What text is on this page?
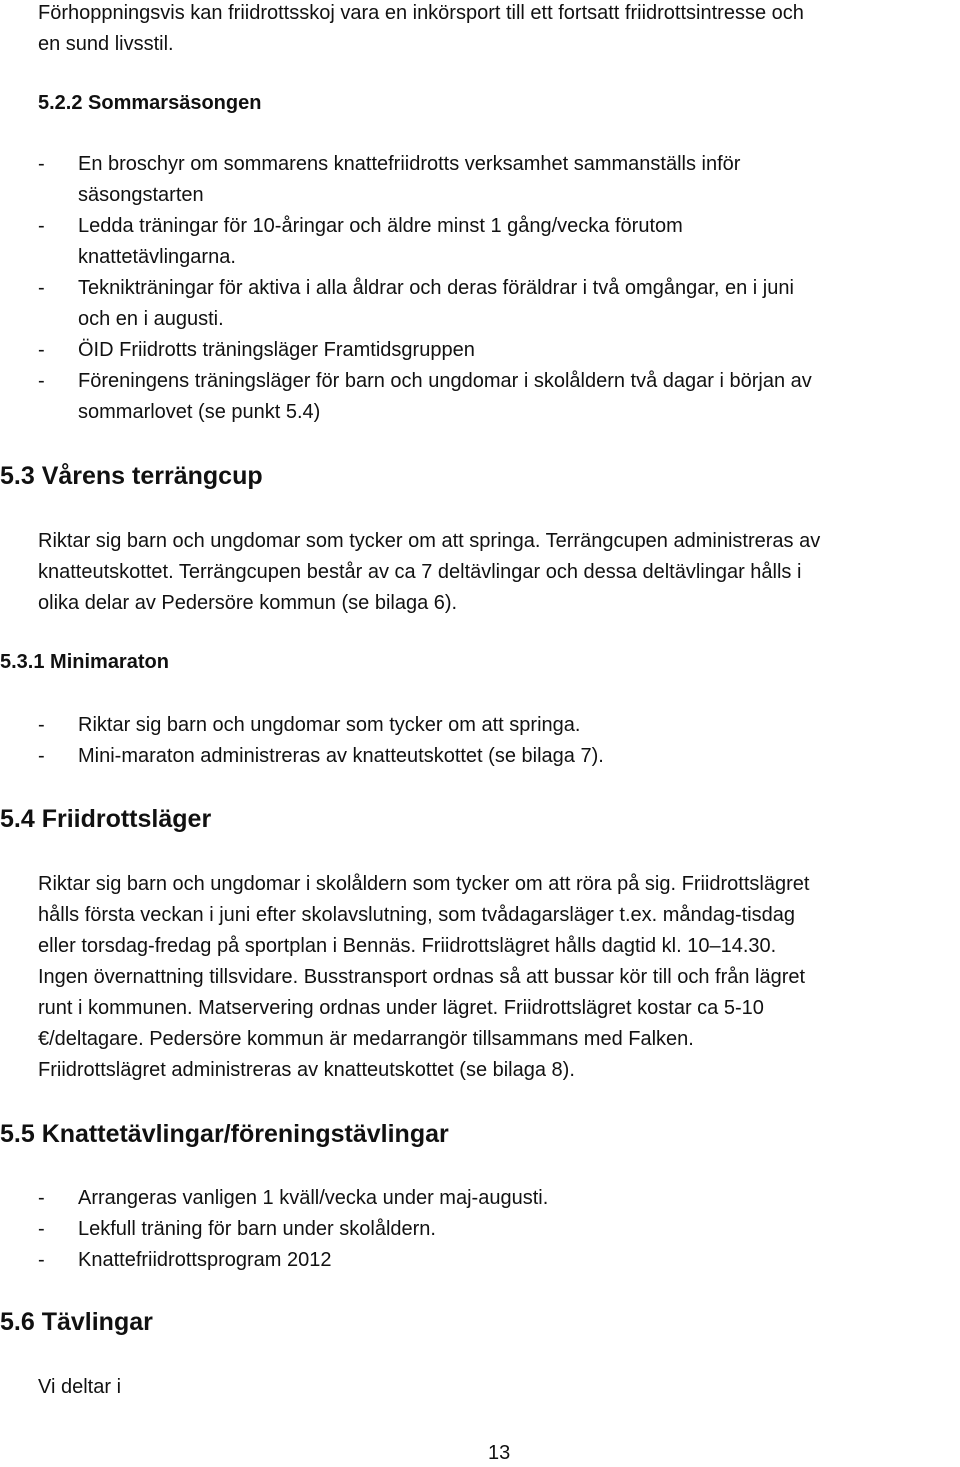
Förhoppningsvis kan friidrottsskoj vara en inkörsport till ett fortsatt friidrottsintresse och
en sund livsstil.
5.2.2 Sommarsäsongen
- En broschyr om sommarens knattefriidrotts verksamhet sammanställs inför
säsongstarten
- Ledda träningar för 10-åringar och äldre minst 1 gång/vecka förutom
knattetävlingarna.
- Teknikträningar för aktiva i alla åldrar och deras föräldrar i två omgångar, en i juni
och en i augusti.
- ÖID Friidrotts träningsläger Framtidsgruppen
- Föreningens träningsläger för barn och ungdomar i skolåldern två dagar i början av
sommarlovet (se punkt 5.4)
5.3 Vårens terrängcup
Riktar sig barn och ungdomar som tycker om att springa. Terrängcupen administreras av
knatteutskottet. Terrängcupen består av ca 7 deltävlingar och dessa deltävlingar hålls i
olika delar av Pedersöre kommun (se bilaga 6).
5.3.1 Minimaraton
- Riktar sig barn och ungdomar som tycker om att springa.
- Mini-maraton administreras av knatteutskottet (se bilaga 7).
5.4 Friidrottsläger
Riktar sig barn och ungdomar i skolåldern som tycker om att röra på sig. Friidrottslägret
hålls första veckan i juni efter skolavslutning, som tvådagarsläger t.ex. måndag-tisdag
eller torsdag-fredag på sportplan i Bennäs. Friidrottslägret hålls dagtid kl. 10–14.30.
Ingen övernattning tillsvidare. Busstransport ordnas så att bussar kör till och från lägret
runt i kommunen. Matservering ordnas under lägret. Friidrottslägret kostar ca 5-10
€/deltagare. Pedersöre kommun är medarrangör tillsammans med Falken.
Friidrottslägret administreras av knatteutskottet (se bilaga 8).
5.5 Knattetävlingar/föreningstävlingar
- Arrangeras vanligen 1 kväll/vecka under maj-augusti.
- Lekfull träning för barn under skolåldern.
- Knattefriidrottsprogram 2012
5.6 Tävlingar
Vi deltar i
13
